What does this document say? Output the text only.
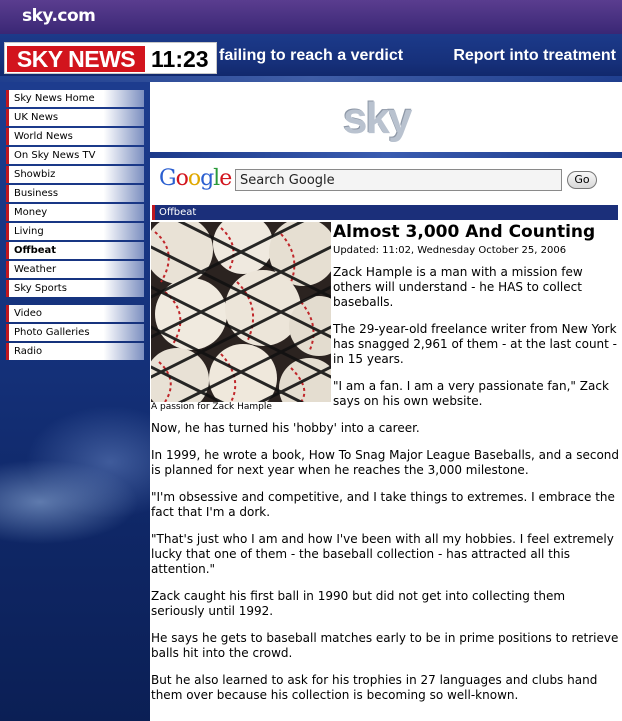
sky.com
SKY NEWS 11:23 failing to reach a verdict	Report into treatment
Sky News Home
UK News
World News
On Sky News TV
Showbiz
Business
Money
Living
Offbeat
Weather
Sky Sports
Video
Photo Galleries
Radio
sky
Google
Search Google	Go
Offbeat
A passion for Zack Hample
Almost 3,000 And Counting
Updated: 11:02, Wednesday October 25, 2006

Zack Hample is a man with a mission few others will understand - he HAS to collect baseballs.

The 29-year-old freelance writer from New York has snagged 2,961 of them - at the last count - in 15 years.

"I am a fan. I am a very passionate fan," Zack says on his own website.

Now, he has turned his 'hobby' into a career.

In 1999, he wrote a book, How To Snag Major League Baseballs, and a second is planned for next year when he reaches the 3,000 milestone.

"I'm obsessive and competitive, and I take things to extremes. I embrace the fact that I'm a dork.

"That's just who I am and how I've been with all my hobbies. I feel extremely lucky that one of them - the baseball collection - has attracted all this attention."

Zack caught his first ball in 1990 but did not get into collecting them seriously until 1992.

He says he gets to baseball matches early to be in prime positions to retrieve balls hit into the crowd.

But he also learned to ask for his trophies in 27 languages and clubs hand them over because his collection is becoming so well-known.
